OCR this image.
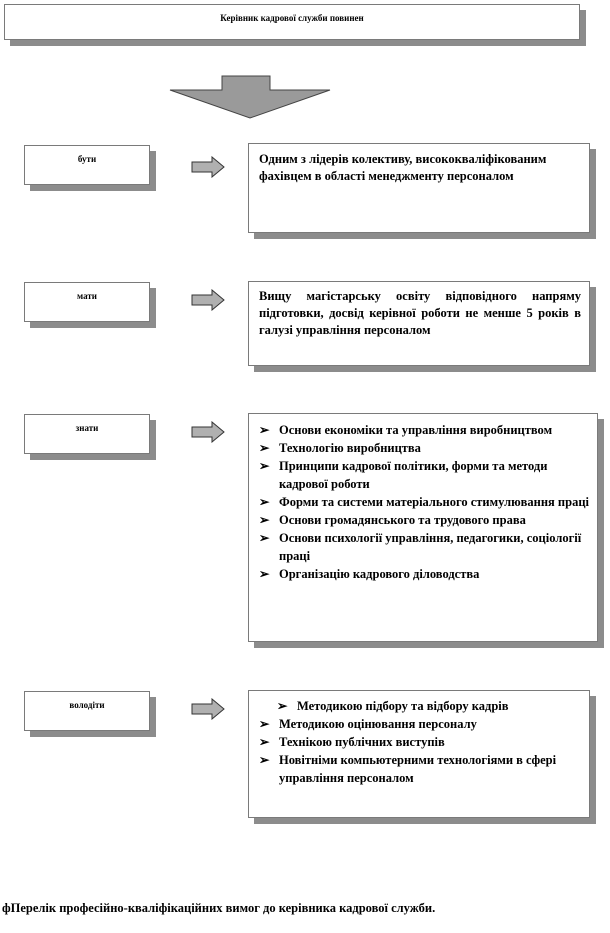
Керівник кадрової служби повинен
бути	Одним з лідерів колективу, висококваліфікованим фахівцем в області менеджменту персоналом
мати	Вищу магістарську освіту відповідного напряму підготовки, досвід керівної роботи не менше 5 років в галузі управління персоналом
знати	➢ Основи економіки та управління виробництвом
➢ Технологію виробництва
➢ Принципи кадрової політики, форми та методи кадрової роботи
➢ Форми та системи матеріального стимулювання праці
➢ Основи громадянського та трудового права
➢ Основи психології управління, педагогики, соціології праці
➢ Організацію кадрового діловодства
володіти	➢ Методикою підбору та відбору кадрів
➢ Методикою оцінювання персоналу
➢ Технікою публічних виступів
➢ Новітніми компьютерними технологіями в сфері управління персоналом
фПерелік професійно-кваліфікаційних вимог до керівника кадрової служби.
